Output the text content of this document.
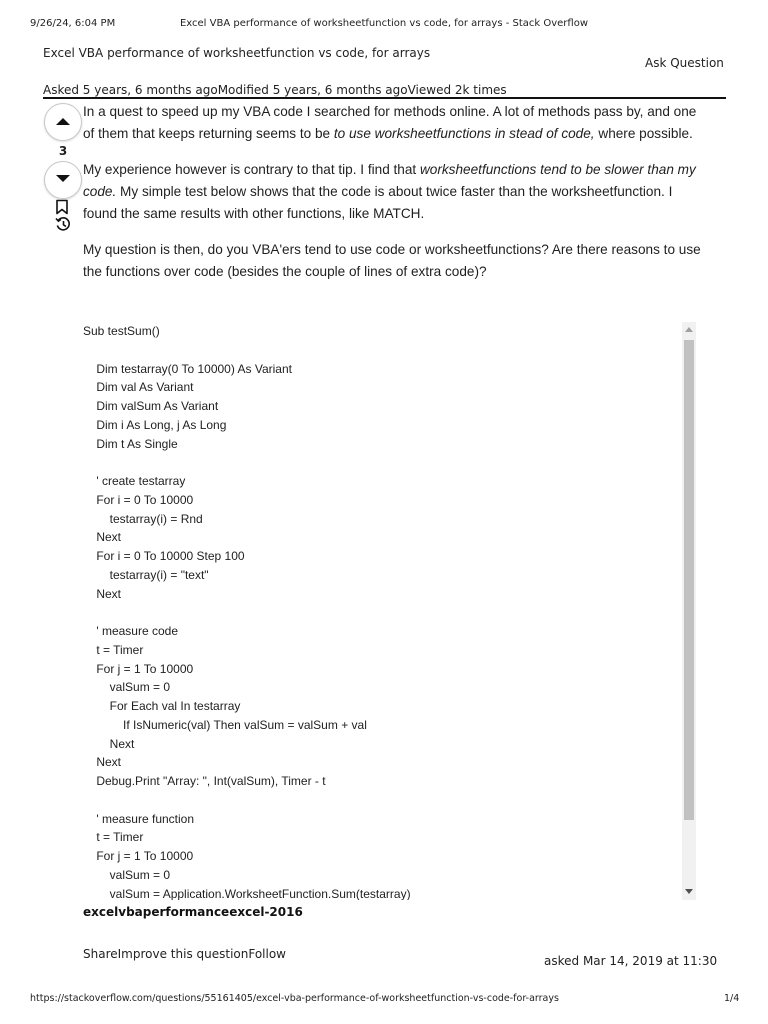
9/26/24, 6:04 PM	Excel VBA performance of worksheetfunction vs code, for arrays - Stack Overflow
Excel VBA performance of worksheetfunction vs code, for arrays
Ask Question
Asked 5 years, 6 months agoModified 5 years, 6 months agoViewed 2k times
3

In a quest to speed up my VBA code I searched for methods online. A lot of methods pass by, and one of them that keeps returning seems to be to use worksheetfunctions in stead of code, where possible.

My experience however is contrary to that tip. I find that worksheetfunctions tend to be slower than my code. My simple test below shows that the code is about twice faster than the worksheetfunction. I found the same results with other functions, like MATCH.

My question is then, do you VBA'ers tend to use code or worksheetfunctions? Are there reasons to use the functions over code (besides the couple of lines of extra code)?

Sub testSum()

Dim testarray(0 To 10000) As Variant
Dim val As Variant
Dim valSum As Variant
Dim i As Long, j As Long
Dim t As Single

' create testarray
For i = 0 To 10000
testarray(i) = Rnd
Next
For i = 0 To 10000 Step 100
testarray(i) = "text"
Next

' measure code
t = Timer
For j = 1 To 10000
valSum = 0
For Each val In testarray
If IsNumeric(val) Then valSum = valSum + val
Next
Next
Debug.Print "Array: ", Int(valSum), Timer - t

' measure function
t = Timer
For j = 1 To 10000
valSum = 0
valSum = Application.WorksheetFunction.Sum(testarray)
excelvbaperformanceexcel-2016
ShareImprove this questionFollow	asked Mar 14, 2019 at 11:30
https://stackoverflow.com/questions/55161405/excel-vba-performance-of-worksheetfunction-vs-code-for-arrays	1/4
